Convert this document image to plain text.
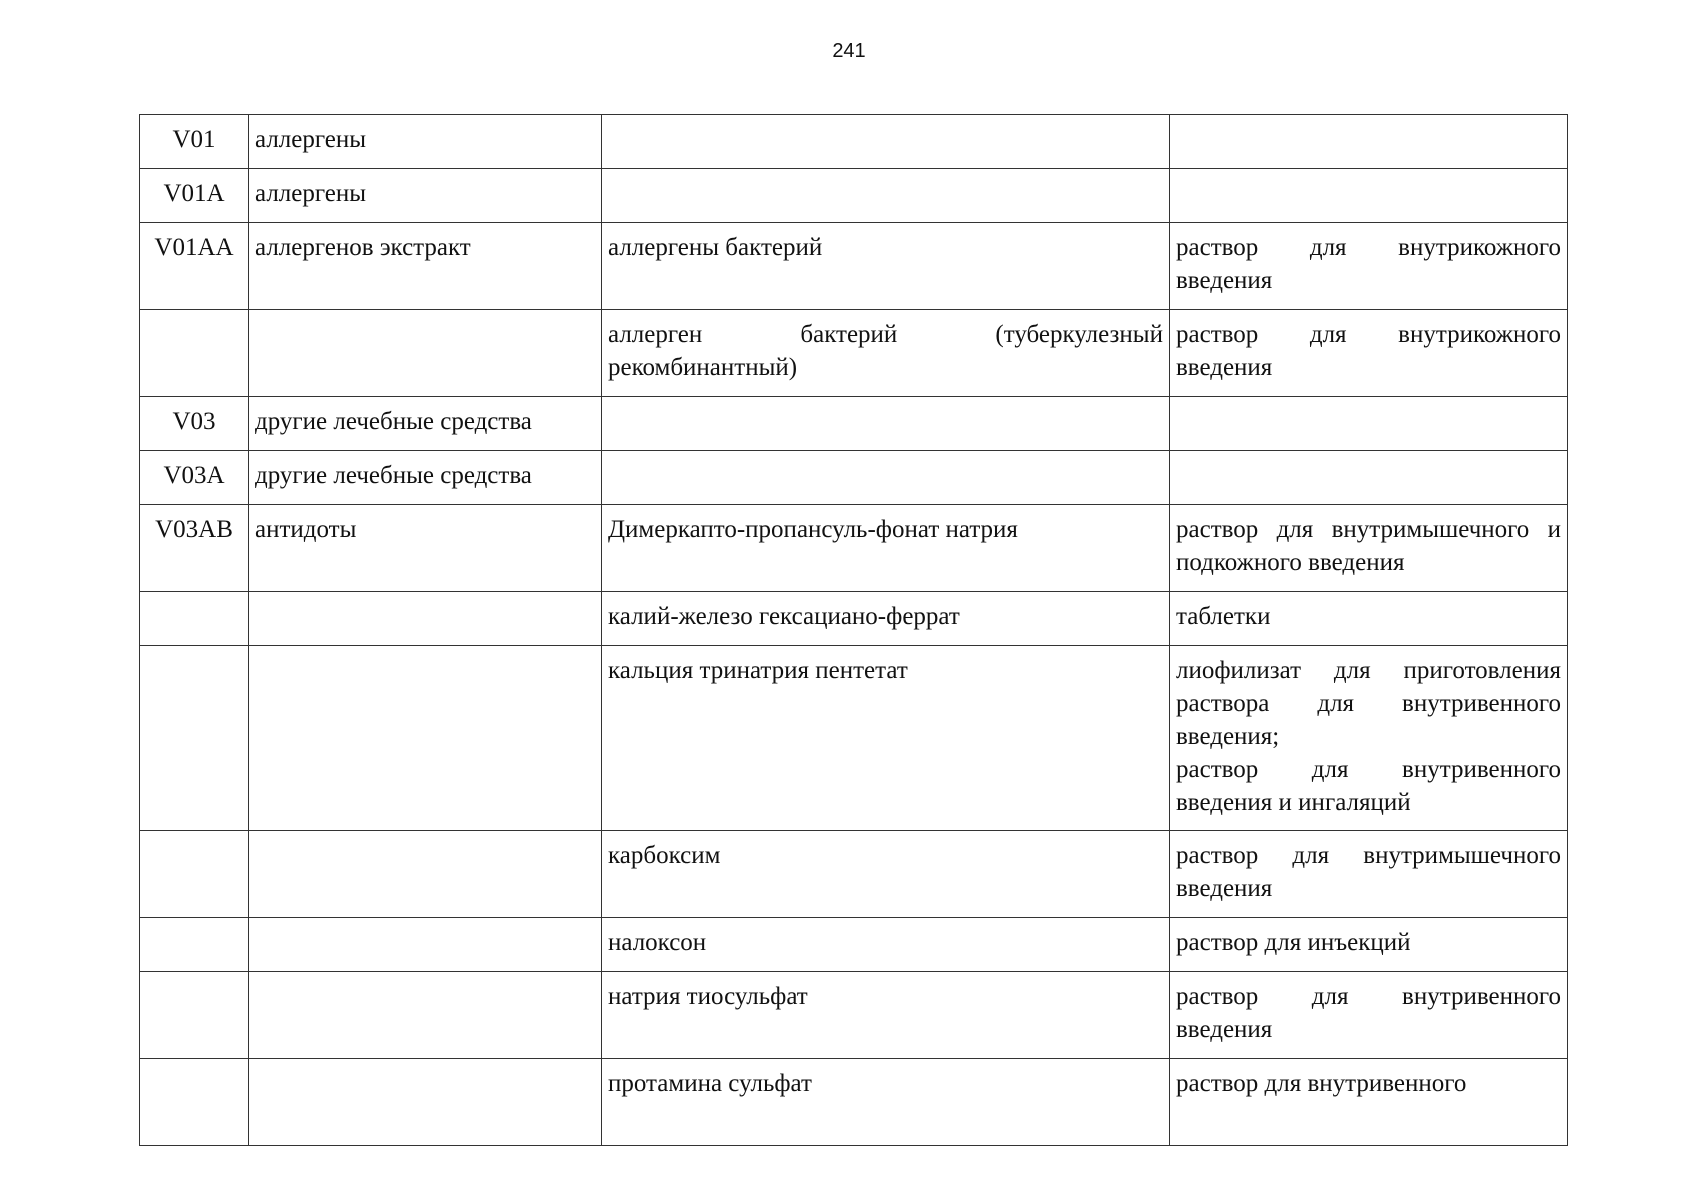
241
V01	аллергены		
V01A	аллергены		
V01AA	аллергенов экстракт	аллергены бактерий	раствор для внутрикожного введения

		аллерген бактерий (туберкулезный рекомбинантный)	раствор для внутрикожного введения

V03	другие лечебные средства		
V03A	другие лечебные средства		
V03AB	антидоты	Димеркапто-пропансуль-фонат натрия	раствор для внутримышечного и подкожного введения

		калий-железо гексациано-феррат	таблетки

		кальция тринатрия пентетат	лиофилизат для приготовления раствора для внутривенного введения;
раствор для внутривенного введения и ингаляций

		карбоксим	раствор для внутримышечного введения

		налоксон	раствор для инъекций

		натрия тиосульфат	раствор для внутривенного введения

		протамина сульфат	раствор для внутривенного
